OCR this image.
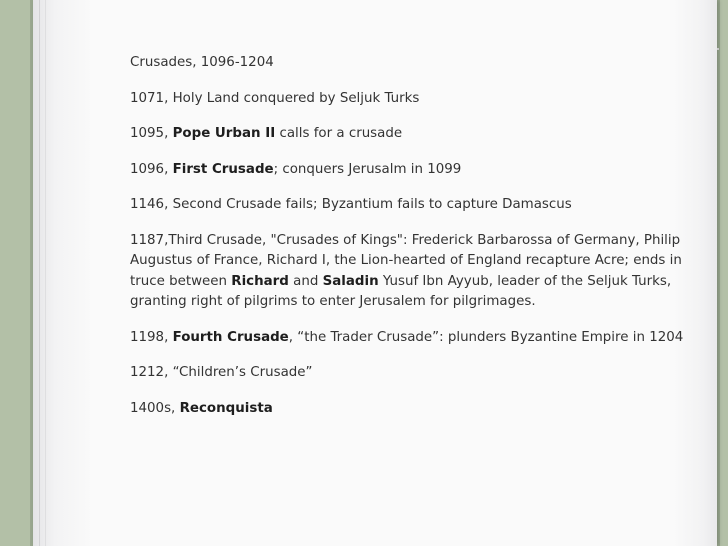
Crusades, 1096-1204

1071, Holy Land conquered by Seljuk Turks

1095, Pope Urban II calls for a crusade

1096, First Crusade; conquers Jerusalm in 1099

1146, Second Crusade fails; Byzantium fails to capture Damascus

1187,Third Crusade, "Crusades of Kings": Frederick Barbarossa of Germany, Philip Augustus of France, Richard I, the Lion-hearted of England recapture Acre; ends in truce between Richard and Saladin Yusuf Ibn Ayyub, leader of the Seljuk Turks, granting right of pilgrims to enter Jerusalem for pilgrimages.

1198, Fourth Crusade, “the Trader Crusade”: plunders Byzantine Empire in 1204

1212, “Children’s Crusade”

1400s, Reconquista
